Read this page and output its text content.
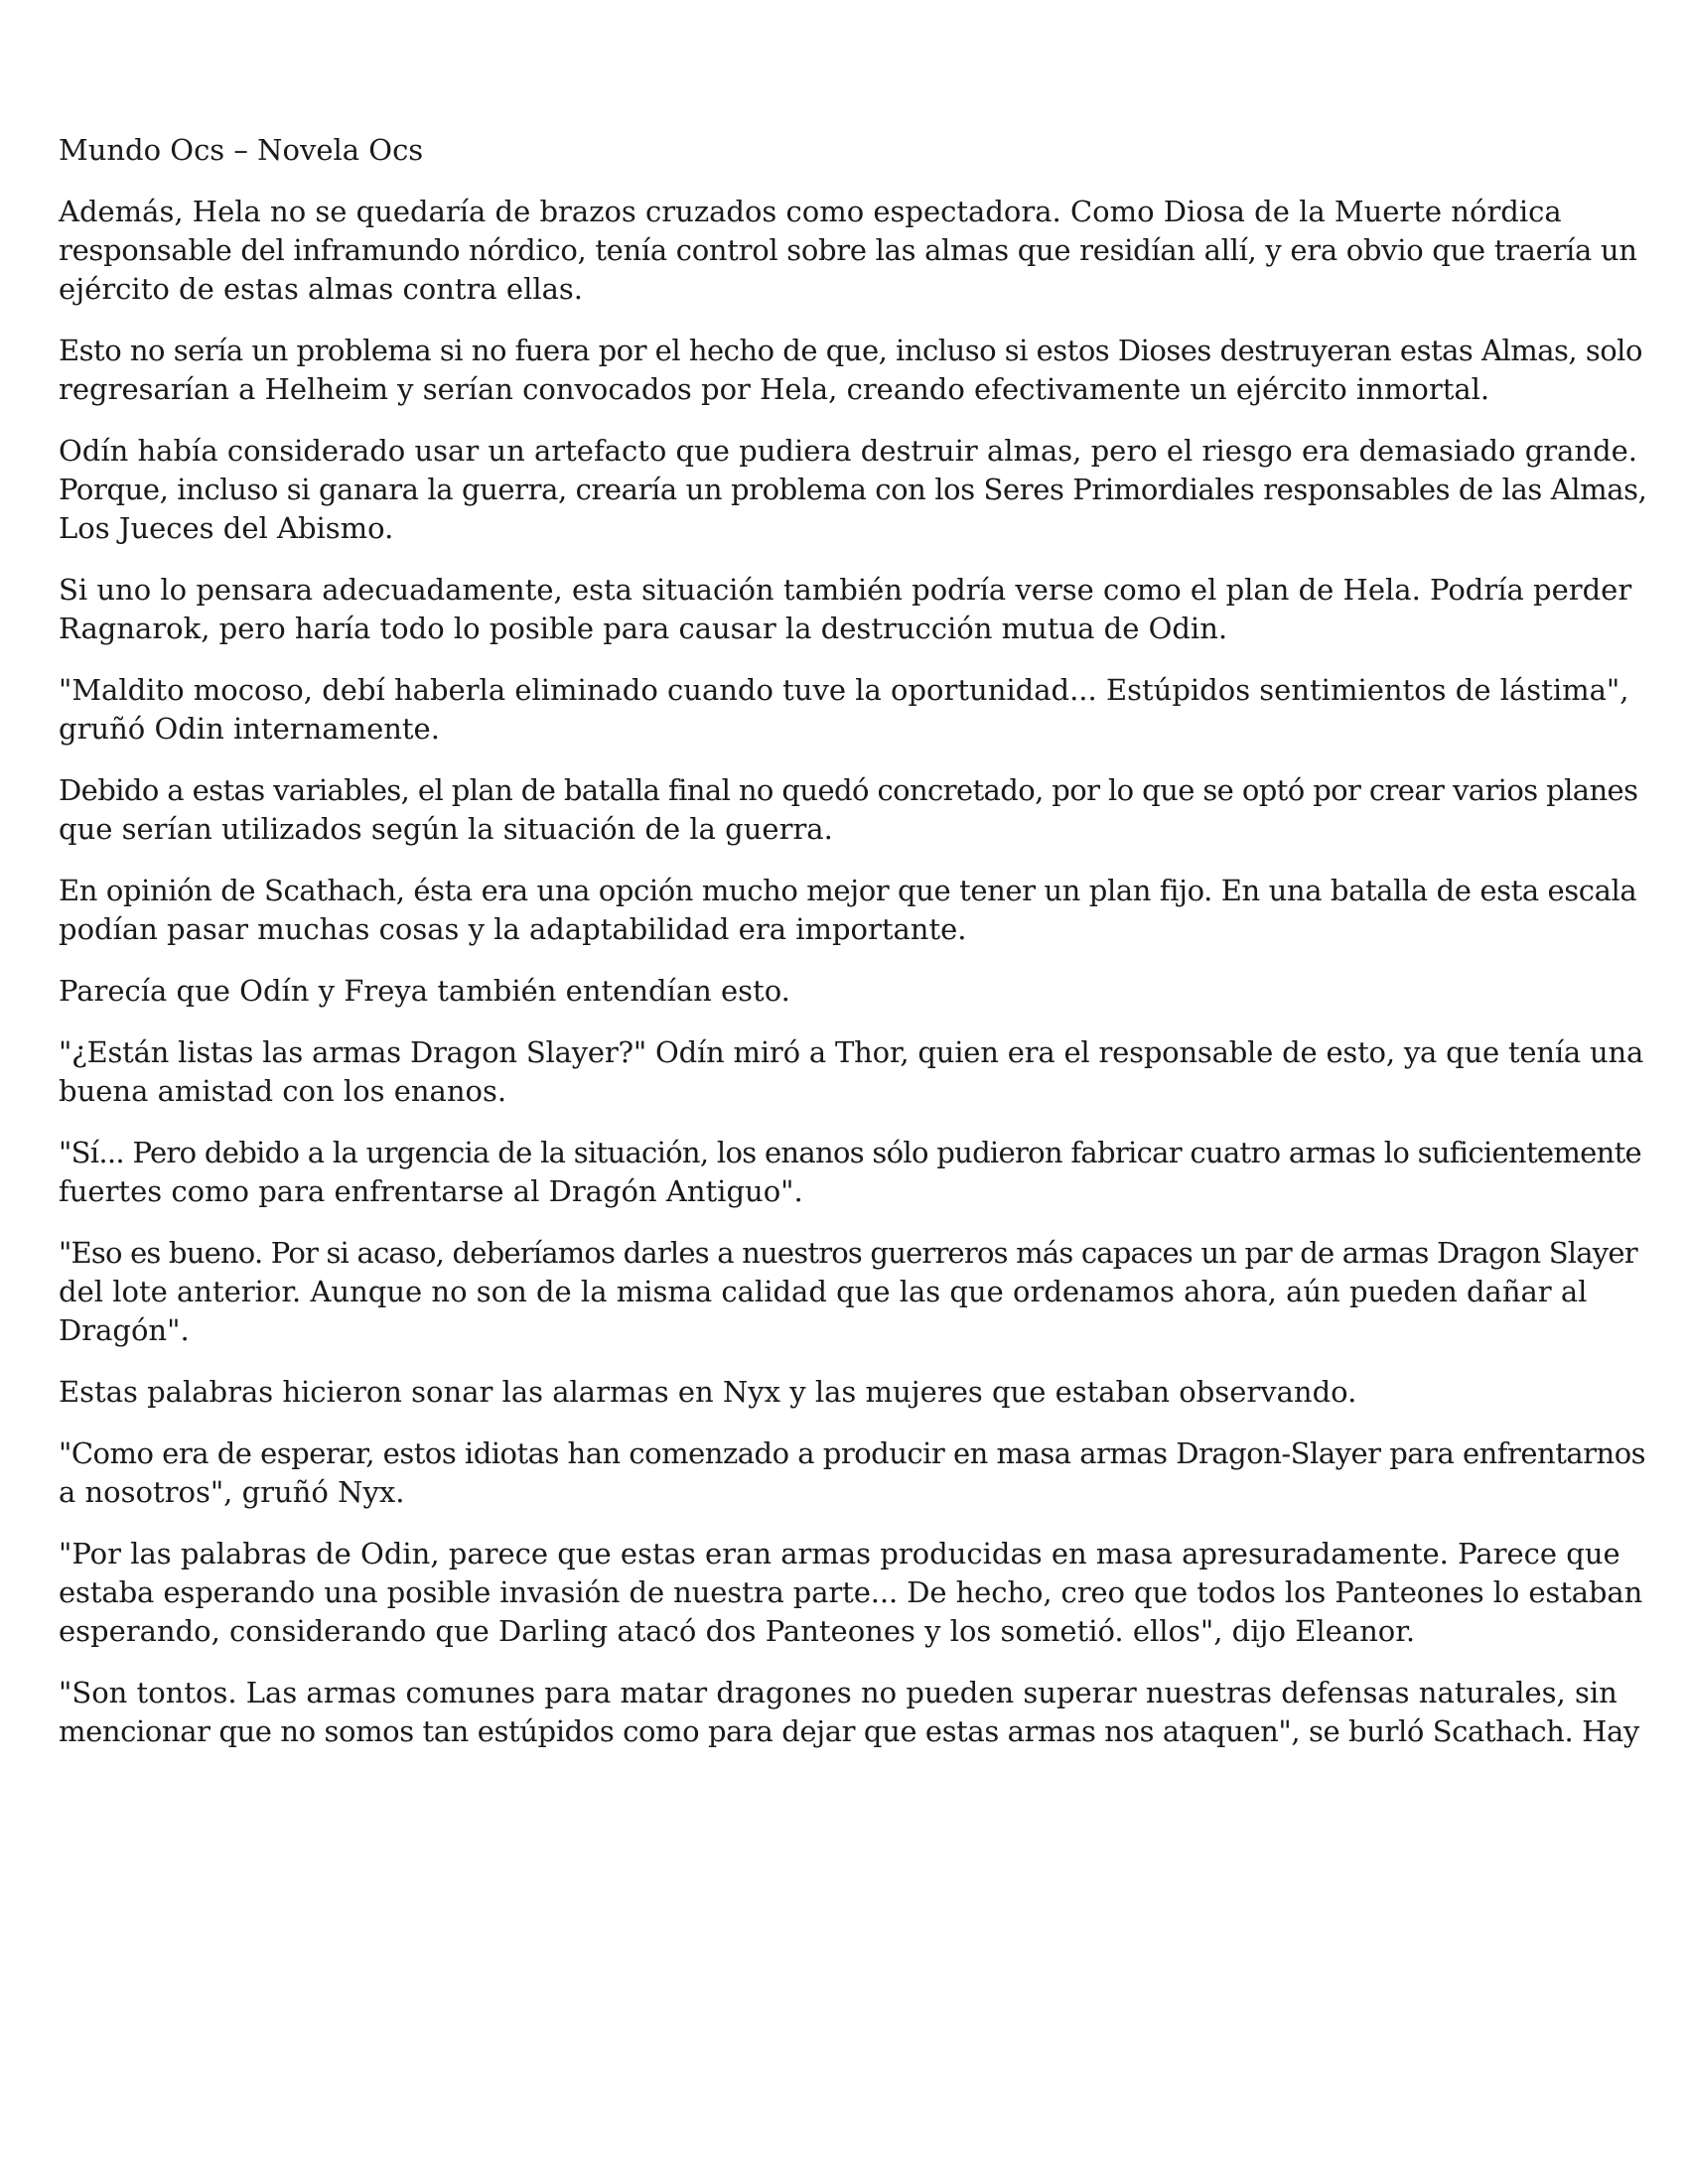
Mundo Ocs – Novela Ocs
Además, Hela no se quedaría de brazos cruzados como espectadora. Como Diosa de la Muerte nórdica
responsable del inframundo nórdico, tenía control sobre las almas que residían allí, y era obvio que traería un
ejército de estas almas contra ellas.
Esto no sería un problema si no fuera por el hecho de que, incluso si estos Dioses destruyeran estas Almas, solo
regresarían a Helheim y serían convocados por Hela, creando efectivamente un ejército inmortal.
Odín había considerado usar un artefacto que pudiera destruir almas, pero el riesgo era demasiado grande.
Porque, incluso si ganara la guerra, crearía un problema con los Seres Primordiales responsables de las Almas,
Los Jueces del Abismo.
Si uno lo pensara adecuadamente, esta situación también podría verse como el plan de Hela. Podría perder
Ragnarok, pero haría todo lo posible para causar la destrucción mutua de Odin.
"Maldito mocoso, debí haberla eliminado cuando tuve la oportunidad... Estúpidos sentimientos de lástima",
gruñó Odin internamente.
Debido a estas variables, el plan de batalla final no quedó concretado, por lo que se optó por crear varios planes
que serían utilizados según la situación de la guerra.
En opinión de Scathach, ésta era una opción mucho mejor que tener un plan fijo. En una batalla de esta escala
podían pasar muchas cosas y la adaptabilidad era importante.
Parecía que Odín y Freya también entendían esto.
"¿Están listas las armas Dragon Slayer?" Odín miró a Thor, quien era el responsable de esto, ya que tenía una
buena amistad con los enanos.
"Sí... Pero debido a la urgencia de la situación, los enanos sólo pudieron fabricar cuatro armas lo suficientemente
fuertes como para enfrentarse al Dragón Antiguo".
"Eso es bueno. Por si acaso, deberíamos darles a nuestros guerreros más capaces un par de armas Dragon Slayer
del lote anterior. Aunque no son de la misma calidad que las que ordenamos ahora, aún pueden dañar al
Dragón".
Estas palabras hicieron sonar las alarmas en Nyx y las mujeres que estaban observando.
"Como era de esperar, estos idiotas han comenzado a producir en masa armas Dragon-Slayer para enfrentarnos
a nosotros", gruñó Nyx.
"Por las palabras de Odin, parece que estas eran armas producidas en masa apresuradamente. Parece que
estaba esperando una posible invasión de nuestra parte... De hecho, creo que todos los Panteones lo estaban
esperando, considerando que Darling atacó dos Panteones y los sometió. ellos", dijo Eleanor.
"Son tontos. Las armas comunes para matar dragones no pueden superar nuestras defensas naturales, sin
mencionar que no somos tan estúpidos como para dejar que estas armas nos ataquen", se burló Scathach. Hay
